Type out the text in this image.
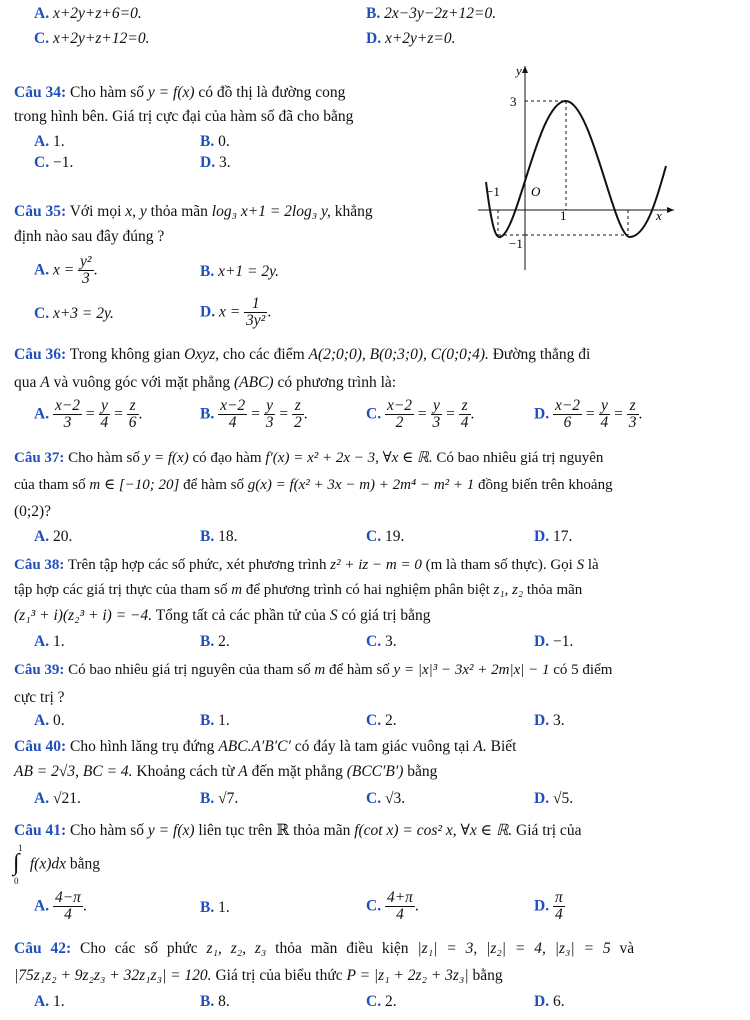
A. x+2y+z+6=0.	B. 2x−3y−2z+12=0.
C. x+2y+z+12=0.	D. x+2y+z=0.
Câu 34: Cho hàm số y = f(x) có đồ thị là đường cong
trong hình bên. Giá trị cực đại của hàm số đã cho bằng
A. 1.	B. 0.
C. −1.	D. 3.
y
x
O
3
−1
1
−1
Câu 35: Với mọi x, y thỏa mãn log₃ x+1 = 2log₃ y, khẳng
định nào sau đây đúng ?
A. $x = \frac{\text{y²}}{3}$ .	B. x+1 = 2y.
C. x+3 = 2y.	D. $x = \frac{1}{\text{3y²}}$ .
Câu 36: Trong không gian Oxyz, cho các điểm A(2;0;0), B(0;3;0), C(0;0;4). Đường thẳng đi
qua A và vuông góc với mặt phẳng (ABC) có phương trình là:
A. $\frac{x-2}{3} = \frac{y}{4} = \frac{z}{6}$ .	B. $\frac{x-2}{4} = \frac{y}{3} = \frac{z}{2}$ .	C. $\frac{x-2}{2} = \frac{y}{3} = \frac{z}{4}$ .	D. $\frac{x-2}{6} = \frac{y}{4} = \frac{z}{3}$ .
Câu 37: Cho hàm số y = f(x) có đạo hàm f′(x) = x² + 2x − 3, ∀x ∈ ℝ. Có bao nhiêu giá trị nguyên
của tham số m ∈ [−10; 20] để hàm số g(x) = f(x² + 3x − m) + 2m⁴ − m² + 1 đồng biến trên khoảng
(0;2)?
A. 20.	B. 18.	C. 19.	D. 17.
Câu 38: Trên tập hợp các số phức, xét phương trình z² + iz − m = 0 (m là tham số thực). Gọi S là
tập hợp các giá trị thực của tham số m để phương trình có hai nghiệm phân biệt z₁, z₂ thỏa mãn
(z₁³ + i)(z₂³ + i) = −4. Tổng tất cả các phần tử của S có giá trị bằng
A. 1.	B. 2.	C. 3.	D. −1.
Câu 39: Có bao nhiêu giá trị nguyên của tham số m để hàm số y = |x|³ − 3x² + 2m|x| − 1 có 5 điểm
cực trị ?
A. 0.	B. 1.	C. 2.	D. 3.
Câu 40: Cho hình lăng trụ đứng ABC.A′B′C′ có đáy là tam giác vuông tại A. Biết
AB = 2√3, BC = 4. Khoảng cách từ A đến mặt phẳng (BCC′B′) bằng
A. √21.	B. √7.	C. √3.	D. √5.
Câu 41: Cho hàm số y = f(x) liên tục trên ℝ thỏa mãn f(cot x) = cos² x, ∀x ∈ ℝ. Giá trị của
1
∫
0
f(x)dx bằng
A. $\frac{4-\pi}{4}$ .	B. 1.	C. $\frac{4+\pi}{4}$ .	D. $\frac{\pi}{4}$
Câu 42: Cho các số phức z₁, z₂, z₃ thỏa mãn điều kiện |z₁| = 3, |z₂| = 4, |z₃| = 5 và
|75z₁z₂ + 9z₂z₃ + 32z₁z₃| = 120. Giá trị của biểu thức P = |z₁ + 2z₂ + 3z₃| bằng
A. 1.	B. 8.	C. 2.	D. 6.
